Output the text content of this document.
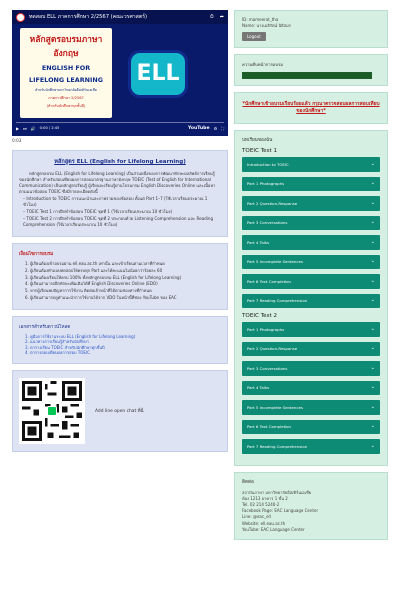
ทดสอบ ELL ภาคการศึกษา 2/2567 (คณะวรศาสตร์)	⏱ ➦
หลักสูตรอบรมภาษาอังกฤษ
ENGLISH FOR
LIFELONG LEARNING
สำหรับนักศึกษามหาวิทยาลัยอีสเทิร์นเอเชีย
ภาคการศึกษา 2/2567
(สำหรับนักศึกษาทุกชั้นปี)
ELL
▶ ⏭ 🔊 0:00 / 2:45	YouTube ⚙ ⛶
0:03
หลักสูตร ELL (English for Lifelong Learning)

หลักสูตรอบรม ELL (English for Lifelong Learning) เป็นส่วนหนึ่งของการพัฒนาทักษะผลลัพธ์การเรียนรู้ของนักศึกษา สำหรับสอบเทียบผลการสอบมาตรฐานภาษาอังกฤษ TOEIC (Test of English for International Communication) เป็นหลักสูตรเรียนรู้ ผู้เรียนจะเรียนรู้ผ่านโปรแกรม English Discoveries Online และเนื้อหาตามแนวข้อสอบ TOEIC ซึ่งมีรายละเอียดดังนี้

– Introduction to TOEIC การแนะนำและภาพรวมของข้อสอบ ตั้งแต่ Part 1–7 (ใช้เวลาเรียนประมาณ 1 ชั่วโมง)

– TOEIC Test 1 การฝึกทำข้อสอบ TOEIC ชุดที่ 1 (ใช้เวลาเรียนประมาณ 10 ชั่วโมง)

– TOEIC Test 2 การฝึกทำข้อสอบ TOEIC ชุดที่ 2 ประกอบด้วย Listening Comprehension และ Reading Comprehension (ใช้เวลาเรียนประมาณ 10 ชั่วโมง)

เงื่อนไขการอบรม
1. ผู้เรียนต้องเข้าอบรมผ่าน ell.eau.ac.th เท่านั้น และเข้าเรียนตามเวลาที่กำหนด
2. ผู้เรียนต้องทำแบบทดสอบให้ครบทุก Part และได้คะแนนไม่น้อยกว่าร้อยละ 60
3. ผู้เรียนต้องเรียนให้ครบ 100% ทั้งหลักสูตรอบรม ELL (English for Lifelong Learning)
4. ผู้เรียนสามารถฝึกทักษะเพิ่มเติมได้ที่ English Discoveries Online (EDO)
5. หากผู้เรียนพบปัญหาการใช้งาน ติดต่อเจ้าหน้าที่ได้ตามช่องทางที่กำหนด
6. ผู้เรียนสามารถดูคำแนะนำการใช้งานได้จาก VDO ในหน้านี้ที่ช่อง YouTube ของ EAC
เอกสารสำหรับดาวน์โหลด
1. คู่มือการใช้งานระบบ ELL (English for Lifelong Learning)
2. แนวทางการเรียนรู้สำหรับนักศึกษา
3. ตารางเรียน TOEIC สำหรับนักศึกษาทุกชั้นปี
4. ตารางสอบเทียบผลการสอบ TOEIC
Add line open chat ที่นี่
ID: mameerat_tha
Name: นางเมธิรัตน์ นิธิสมร
Logout
ความคืบหน้าการอบรม
*นักศึกษาเข้าอบรมเรียบร้อยแล้ว กรุณาตรวจสอบผลการสอบเทียบของนักศึกษา*
บทเรียนของฉัน
TOEIC Test 1
Introduction to TOEIC	⌄
Part 1 Photographs	⌄
Part 2 Question-Response	⌄
Part 3 Conversations	⌄
Part 4 Talks	⌄
Part 5 Incomplete Sentences	⌄
Part 6 Text Completion	⌄
Part 7 Reading Comprehension	⌄
TOEIC Test 2
Part 1 Photographs	⌄
Part 2 Question-Response	⌄
Part 3 Conversations	⌄
Part 4 Talks	⌄
Part 5 Incomplete Sentences	⌄
Part 6 Text Completion	⌄
Part 7 Reading Comprehension	⌄
ติดต่อ
สถาบันภาษา มหาวิทยาลัยอีสเทิร์นเอเชีย
ห้อง 1213 อาคาร 1 ชั้น 2
Tel. 02 214 5240-2
Facebook Page: EAC Language Center
Line: @eac_ell
Website: ell.eau.ac.th
YouTube: EAC Language Center
